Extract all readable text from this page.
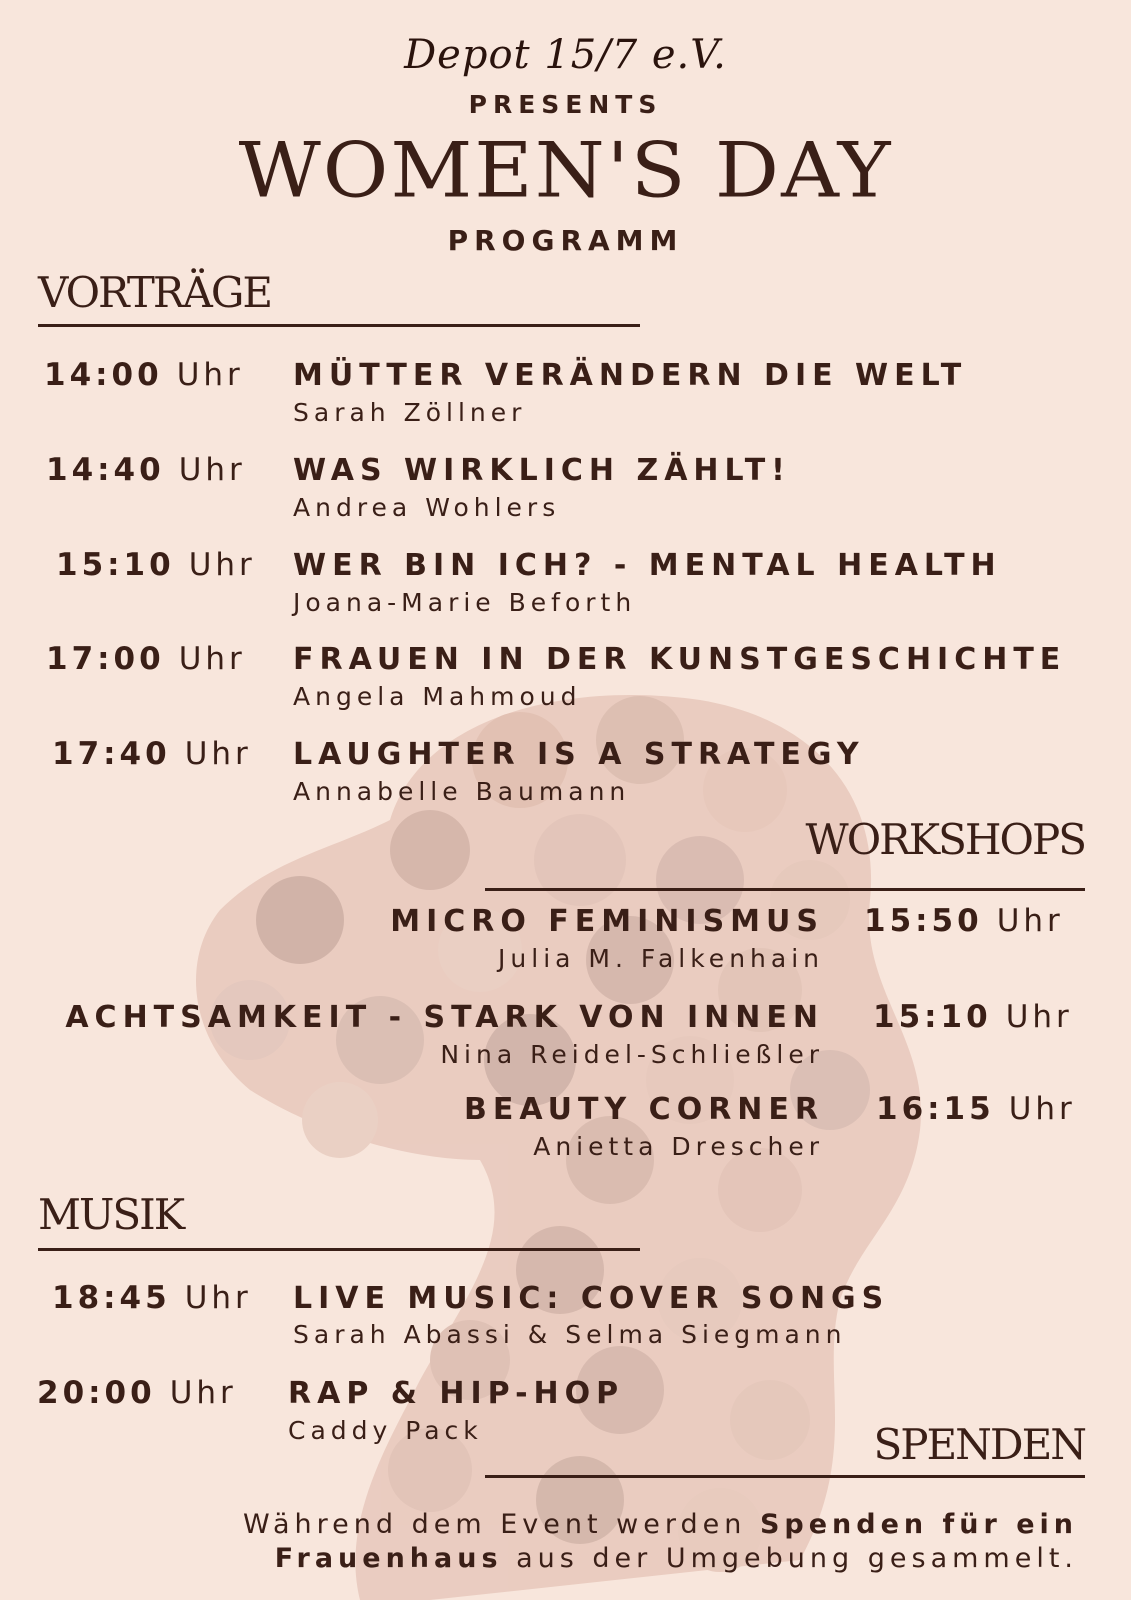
Depot 15/7 e.V.
PRESENTS
WOMEN'S DAY
PROGRAMM
VORTRÄGE
14:00 Uhr MÜTTER VERÄNDERN DIE WELT
Sarah Zöllner
14:40 Uhr WAS WIRKLICH ZÄHLT!
Andrea Wohlers
15:10 Uhr WER BIN ICH? - MENTAL HEALTH
Joana-Marie Beforth
17:00 Uhr FRAUEN IN DER KUNSTGESCHICHTE
Angela Mahmoud
17:40 Uhr LAUGHTER IS A STRATEGY
Annabelle Baumann
WORKSHOPS
MICRO FEMINISMUS
Julia M. Falkenhain
15:50 Uhr
ACHTSAMKEIT - STARK VON INNEN
Nina Reidel-Schließler
15:10 Uhr
BEAUTY CORNER
Anietta Drescher
16:15 Uhr
MUSIK
18:45 Uhr LIVE MUSIC: COVER SONGS
Sarah Abassi & Selma Siegmann
20:00 Uhr RAP & HIP-HOP
Caddy Pack	SPENDEN
Während dem Event werden Spenden für ein
Frauenhaus aus der Umgebung gesammelt.
